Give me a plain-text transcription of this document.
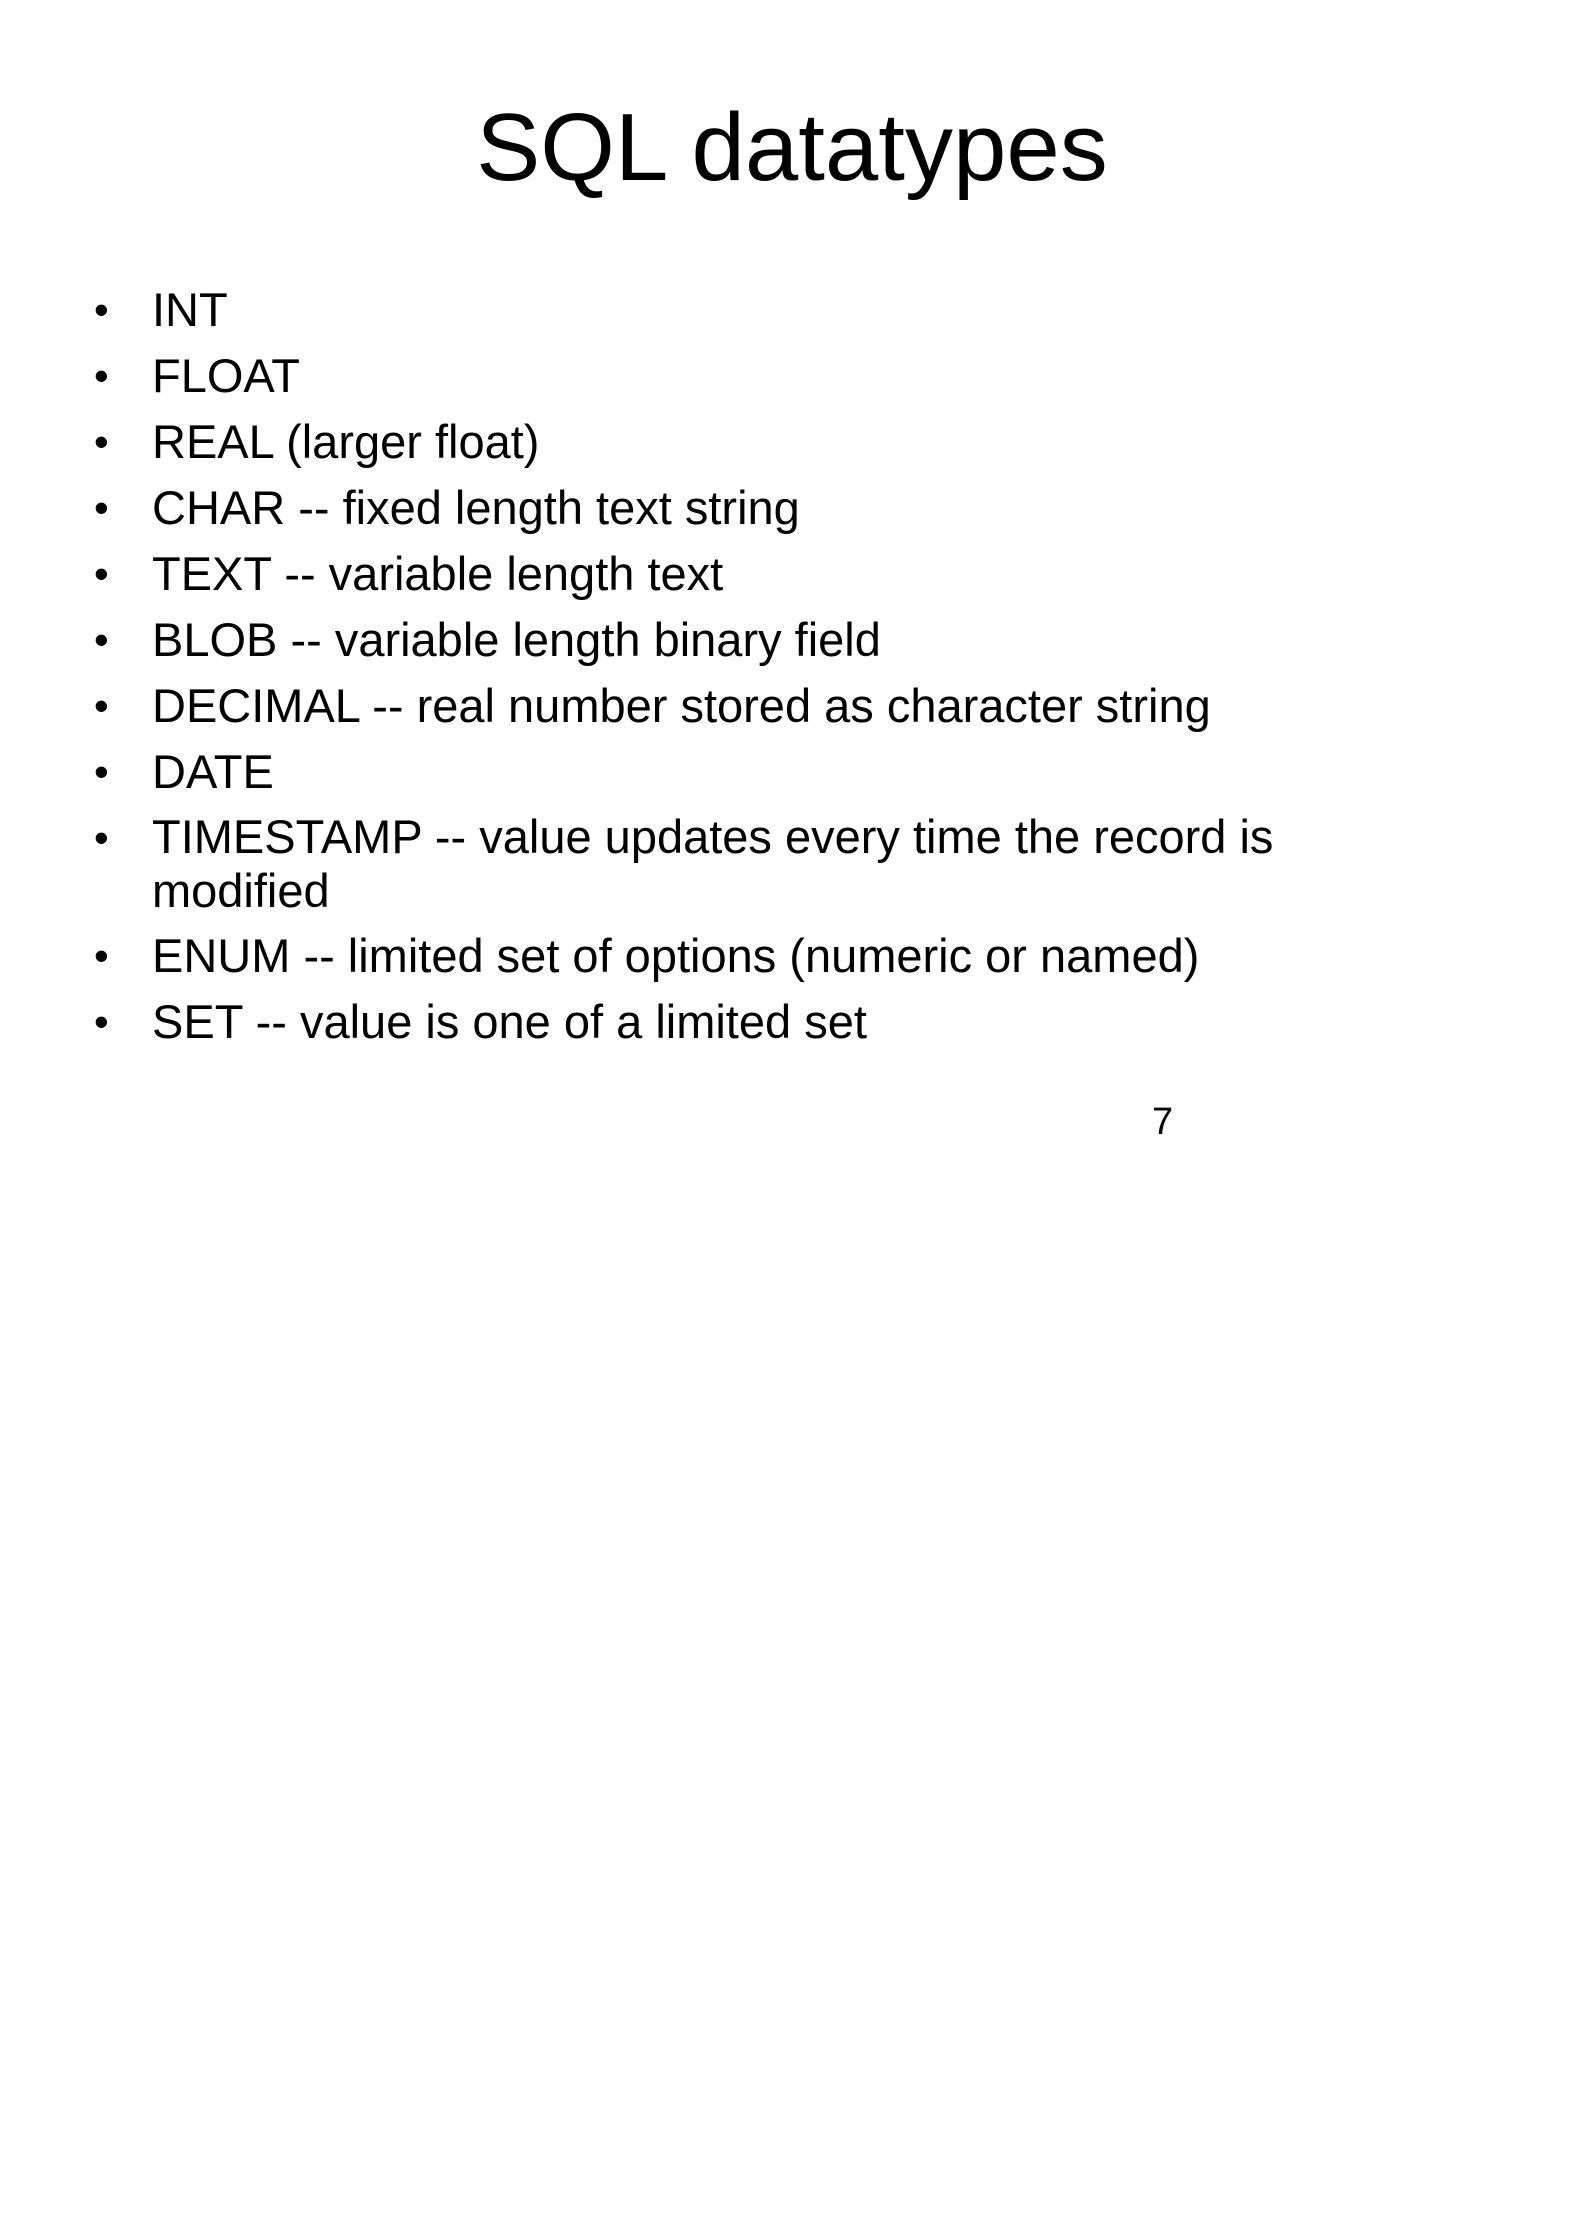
SQL datatypes
• INT
• FLOAT
• REAL (larger float)
• CHAR -- fixed length text string
• TEXT -- variable length text
• BLOB -- variable length binary field
• DECIMAL -- real number stored as character string
• DATE
• TIMESTAMP -- value updates every time the record is modified
• ENUM -- limited set of options (numeric or named)
• SET -- value is one of a limited set
7
